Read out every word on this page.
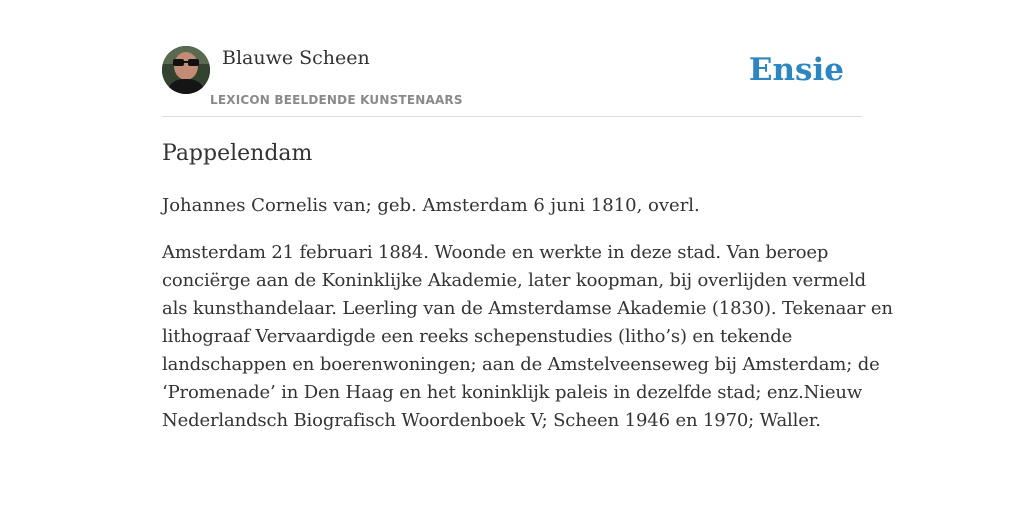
Blauwe Scheen
LEXICON BEELDENDE KUNSTENAARS
Ensie
Pappelendam

Johannes Cornelis van; geb. Amsterdam 6 juni 1810, overl.

Amsterdam 21 februari 1884. Woonde en werkte in deze stad. Van beroep
conciërge aan de Koninklijke Akademie, later koopman, bij overlijden vermeld
als kunsthandelaar. Leerling van de Amsterdamse Akademie (1830). Tekenaar en
lithograaf Vervaardigde een reeks schepenstudies (litho’s) en tekende
landschappen en boerenwoningen; aan de Amstelveenseweg bij Amsterdam; de
‘Promenade’ in Den Haag en het koninklijk paleis in dezelfde stad; enz.Nieuw
Nederlandsch Biografisch Woordenboek V; Scheen 1946 en 1970; Waller.
